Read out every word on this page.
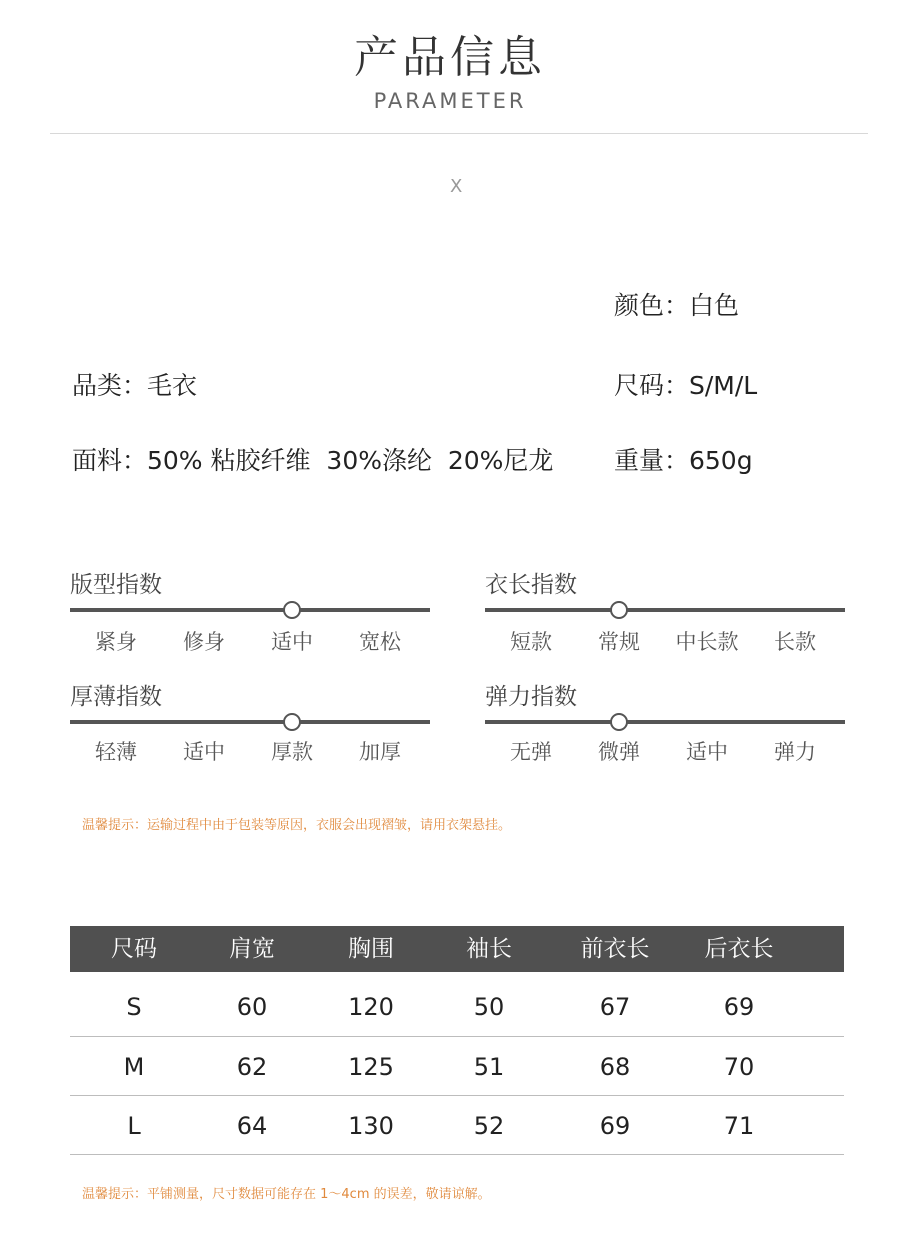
产品信息
PARAMETER
X
颜色：白色
品类：毛衣	尺码：S/M/L
面料：50% 粘胶纤维  30%涤纶  20%尼龙 重量：650g
版型指数
紧身	修身	适中	宽松
衣长指数
短款	常规	中长款	长款
厚薄指数
轻薄	适中	厚款	加厚
弹力指数
无弹	微弹	适中	弹力
温馨提示：运输过程中由于包装等原因，衣服会出现褶皱，请用衣架悬挂。
尺码	肩宽	胸围	袖长	前衣长	后衣长
S	60	120	50	67	69
M	62	125	51	68	70
L	64	130	52	69	71
温馨提示：平铺测量，尺寸数据可能存在 1～4cm 的误差，敬请谅解。
